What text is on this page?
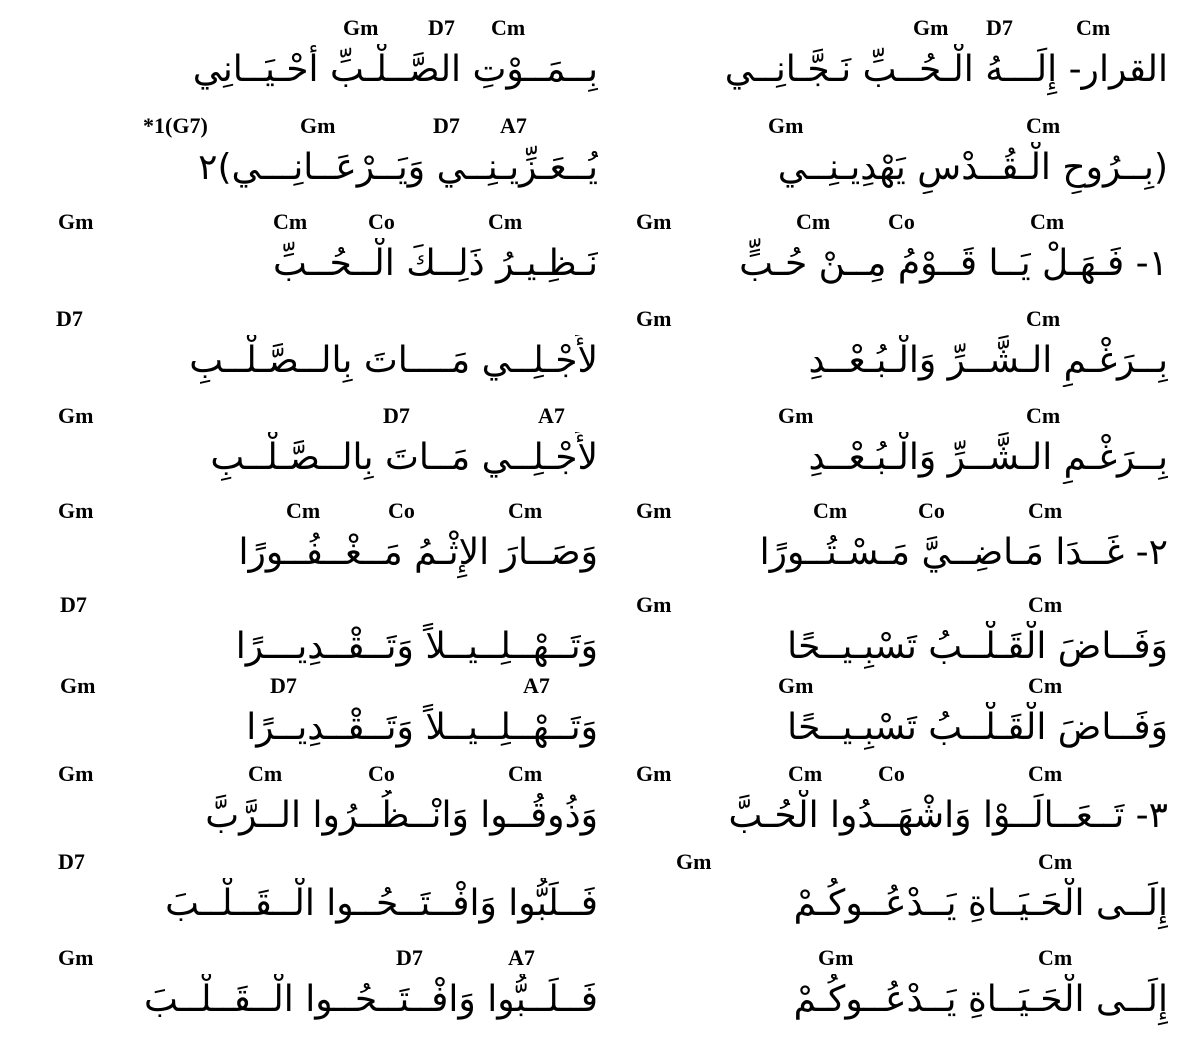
Gm D7	Cm
القرار- إِلَـــهُ الْـحُــبِّ نَـجَّـانِــي
Gm	Cm
(بِــرُوحِ الْـقُــدْسِ يَهْدِيـنِــي
Gm	Cm	Co	Cm
١- فَـهَـلْ يَــا قَــوْمُ مِــنْ حُـبٍّ
Gm	Cm
بِــرَغْـمِ الـشَّــرِّ وَالْـبُـعْــدِ
Gm	Cm
بِــرَغْـمِ الـشَّــرِّ وَالْـبُـعْــدِ
Gm	Cm	Co	Cm
٢- غَــدَا مَـاضِــيَّ مَـسْـتُــورًا
Gm	Cm
وَفَــاضَ الْقَـلْــبُ تَسْبِـيــحًا
Gm	Cm
وَفَــاضَ الْقَـلْــبُ تَسْبِـيــحًا
Gm	Cm	Co	Cm
٣- تَــعَــالَــوْا وَاشْهَــدُوا الْحُـبَّ
Gm	Cm
إِلَــى الْحَـيَــاةِ يَــدْعُــوكُـمْ
Gm	Cm
إِلَــى الْحَـيَــاةِ يَــدْعُــوكُـمْ
Gm D7 Cm
بِــمَــوْتِ الصَّــلْـبِّ أَحْـيَــانِي
*1(G7)	Gm	D7 A7
يُــعَـزِّيـنِــي وَيَــرْعَــانِـــي)٢
Gm	Cm	Co	Cm
نَـظِـيـرُ ذَلِــكَ الْــحُــبِّ
D7
لأَجْـلِــي مَــــاتَ بِالــصَّـلْــبِ
Gm	D7	A7
لأَجْـلِــي مَــاتَ بِالــصَّـلْــبِ
Gm	Cm	Co	Cm
وَصَــارَ الإِثْـمُ مَــغْــفُــورًا
D7
وَتَــهْــلِــيــلاً وَتَــقْــدِيـــرًا
Gm	D7	A7
وَتَــهْــلِــيــلاً وَتَــقْــدِيــرًا
Gm	Cm	Co	Cm
وَذُوقُــوا وَانْــظُــرُوا الــرَّبَّ
D7
فَــلَبُّوا وَافْــتَــحُــوا الْــقَــلْــبَ
Gm	D7	A7
فَــلَــبُّوا وَافْــتَــحُــوا الْــقَــلْــبَ
